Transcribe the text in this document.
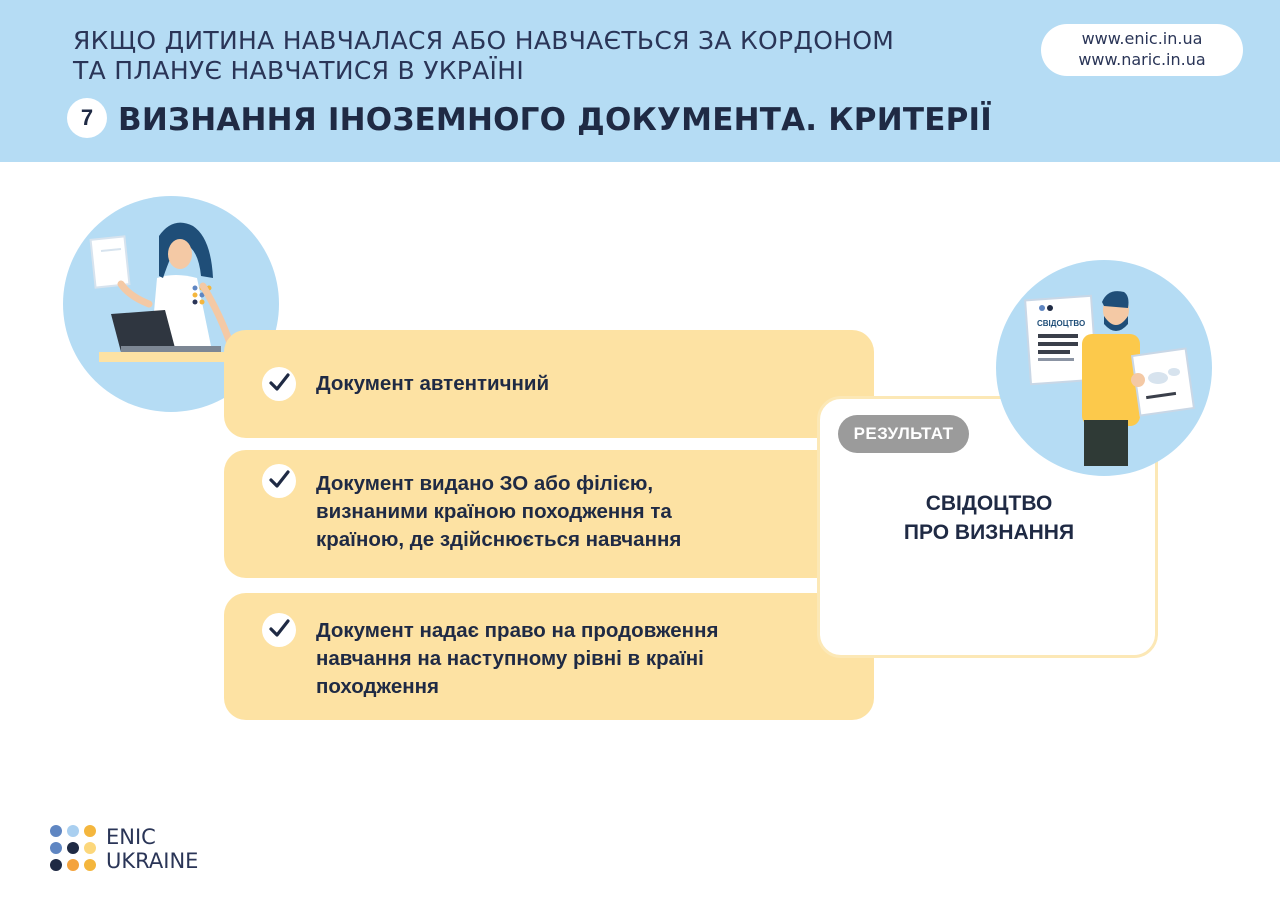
ЯКЩО ДИТИНА НАВЧАЛАСЯ АБО НАВЧАЄТЬСЯ ЗА КОРДОНОМ
ТА ПЛАНУЄ НАВЧАТИСЯ В УКРАЇНІ
7 ВИЗНАННЯ ІНОЗЕМНОГО ДОКУМЕНТА. КРИТЕРІЇ
www.enic.in.ua
www.naric.in.ua
Документ автентичний
Документ видано ЗО або філією,
визнаними країною походження та
країною, де здійснюється навчання
Документ надає право на продовження
навчання на наступному рівні в країні
походження
РЕЗУЛЬТАТ
СВІДОЦТВО
ПРО ВИЗНАННЯ
СВІДОЦТВО
ENIC
UKRAINE
